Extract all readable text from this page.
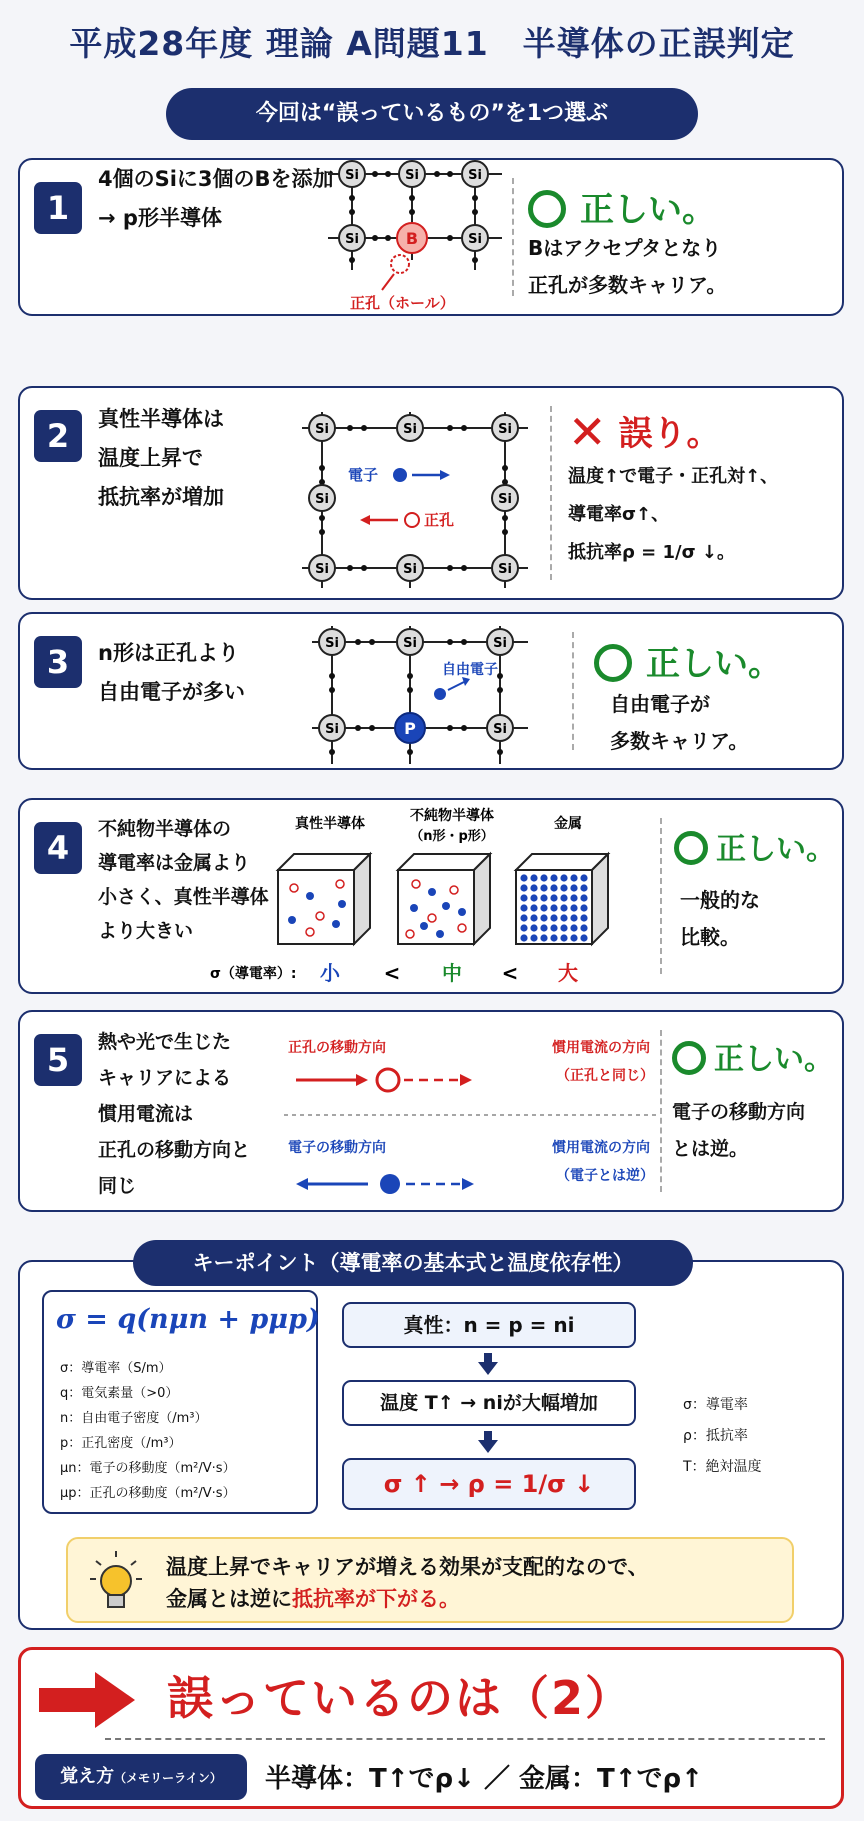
平成28年度 理論 A問題11　半導体の正誤判定
今回は“誤っているもの”を1つ選ぶ
1
4個のSiに3個のBを添加
→ p形半導体
Si	Si	Si
Si	Si
B
正孔（ホール）
正しい。
Bはアクセプタとなり
正孔が多数キャリア。
2	真性半導体は
温度上昇で
抵抗率が増加
Si	Si	Si
Si	Si
Si	Si	Si
電子
正孔
✕ 誤り。
温度↑で電子・正孔対↑、
導電率σ↑、
抵抗率ρ = 1/σ ↓。
3	n形は正孔より
自由電子が多い
Si	Si	Si
Si	Si
P
自由電子	正しい。
自由電子が
多数キャリア。
4	不純物半導体の
導電率は金属より
小さく、真性半導体
より大きい
真性半導体	不純物半導体
（n形・p形）
金属
σ（導電率）: 小 < 中 < 大
正しい。
一般的な
比較。
5	熱や光で生じた
キャリアによる
慣用電流は
正孔の移動方向と
同じ
正孔の移動方向	慣用電流の方向
（正孔と同じ）
電子の移動方向	慣用電流の方向
（電子とは逆）
正しい。
電子の移動方向
とは逆。
キーポイント（導電率の基本式と温度依存性）
σ = q(nμn + pμp)
σ：導電率（S/m）
q：電気素量（>0）
n：自由電子密度（/m³）
p：正孔密度（/m³）
μn：電子の移動度（m²/V·s）
μp：正孔の移動度（m²/V·s）
真性：n = p = ni
温度 T↑ → niが大幅増加
σ ↑ → ρ = 1/σ ↓
σ：導電率
ρ：抵抗率
T：絶対温度
温度上昇でキャリアが増える効果が支配的なので、
金属とは逆に抵抗率が下がる。
誤っているのは（2）
覚え方（メモリーライン）	半導体：T↑でρ↓ ／ 金属：T↑でρ↑
